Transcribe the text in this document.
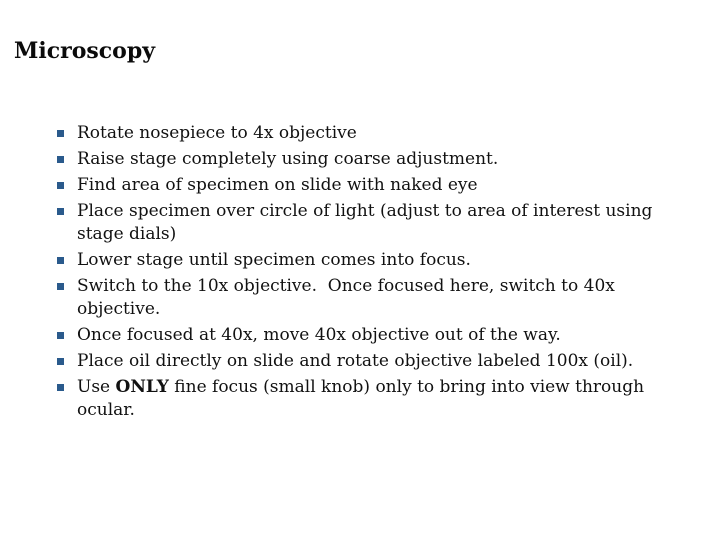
Microscopy
Rotate nosepiece to 4x objective
Raise stage completely using coarse adjustment.
Find area of specimen on slide with naked eye
Place specimen over circle of light (adjust to area of interest using stage dials)
Lower stage until specimen comes into focus.
Switch to the 10x objective.  Once focused here, switch to 40x objective.
Once focused at 40x, move 40x objective out of the way.
Place oil directly on slide and rotate objective labeled 100x (oil).
Use ONLY fine focus (small knob) only to bring into view through ocular.
